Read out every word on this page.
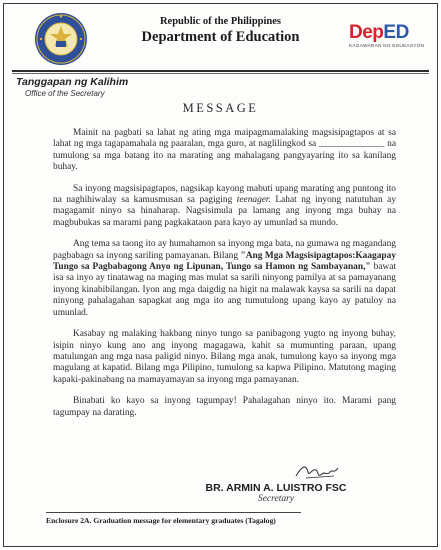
Republic of the Philippines
Department of Education	DepED
KAGAWARAN NG EDUKASYON
Tanggapan ng Kalihim
Office of the Secretary
MESSAGE

Mainit na pagbati sa lahat ng ating mga maipagmamalaking magsisipagtapos at sa lahat ng mga tagapamahala ng paaralan, mga guro, at naglilingkod sa ______________ na tumulong sa mga batang ito na maratíng ang mahalagang pangyayaring ito sa kanilang buhay.

Sa inyong magsisipagtapos, nagsikap kayong mabuti upang maratíng ang puntong ito na naghihiwalay sa kamusmusan sa pagiging teenager. Lahat ng inyong natutuhan ay magagamit ninyo sa hinaharap. Nagsisimula pa lamang ang inyong mga buhay na magbubukas sa marami pang pagkakataon para kayo ay umunlad sa mundo.

Ang tema sa taong ito ay humahamon sa inyong mga bata, na gumawa ng magandang pagbabago sa inyong sariling pamayanan. Bilang "Ang Mga Magsisipagtapos:Kaagapay Tungo sa Pagbabagong Anyo ng Lipunan, Tungo sa Hamon ng Sambayanan," bawat isa sa inyo ay tinatawag na maging mas mulat sa sarili ninyong pamilya at sa pamayanang inyong kinabibilangan. Iyon ang mga daigdig na higit na malawak kaysa sa sarili na dapat ninyong pahalagahan sapagkat ang mga ito ang tumutulong upang kayo ay patuloy na umunlad.

Kasabay ng malaking hakbang ninyo tungo sa panibagong yugto ng inyong buhay, isipin ninyo kung ano ang inyong magagawa, kahit sa mumunting paraan, upang matulungan ang mga nasa paligid ninyo. Bilang mga anak, tumulong kayo sa inyong mga magulang at kapatid. Bilang mga Pilipino, tumulong sa kapwa Pilipino. Matutong maging kapaki-pakinabang na mamayamayan sa inyong mga pamayanan.

Binabati ko kayo sa inyong tagumpay! Pahalagahan ninyo ito. Marami pang tagumpay na darating.

BR. ARMIN A. LUISTRO FSC
Secretary
Enclosure 2A. Graduation message for elementary graduates (Tagalog)
